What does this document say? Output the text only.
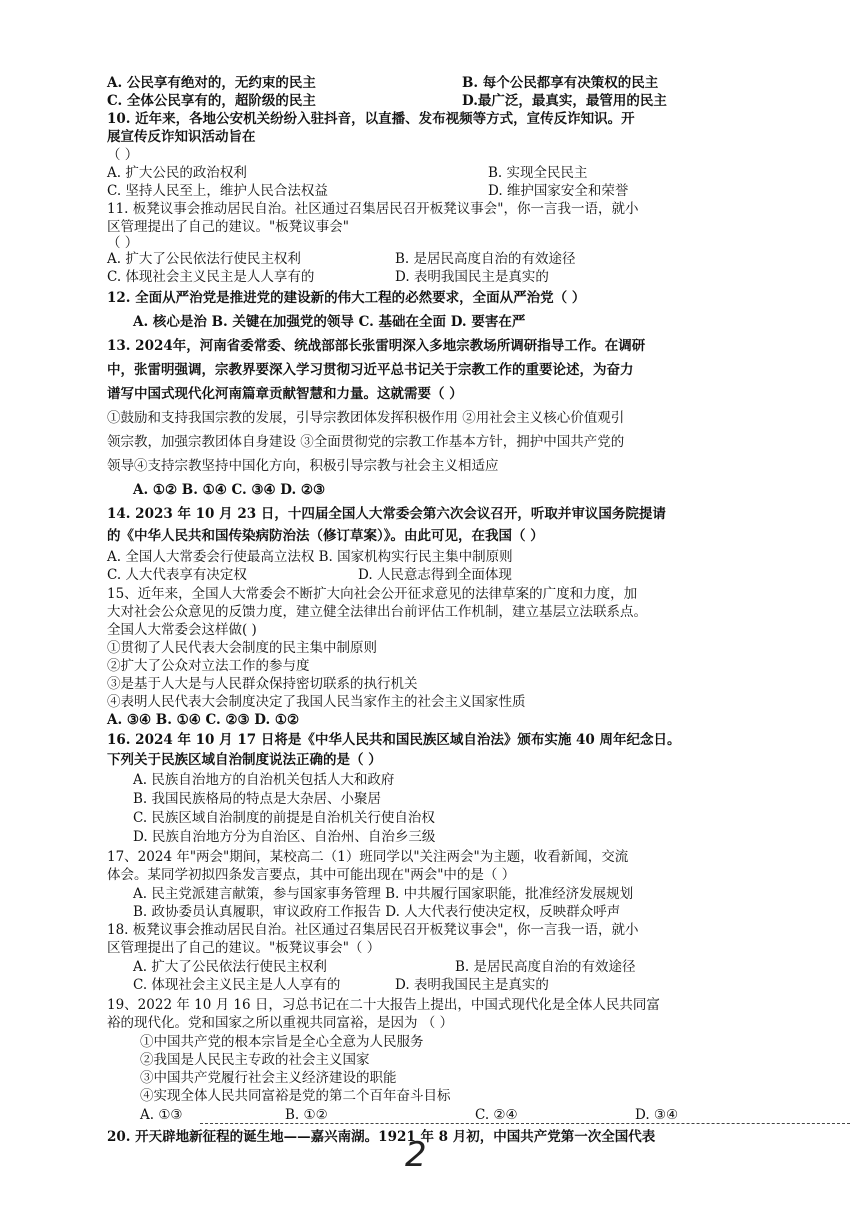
A. 公民享有绝对的，无约束的民主	B. 每个公民都享有决策权的民主
C. 全体公民享有的，超阶级的民主	D.最广泛，最真实，最管用的民主
10. 近年来，各地公安机关纷纷入驻抖音，以直播、发布视频等方式，宣传反诈知识。开
展宣传反诈知识活动旨在
（ ）
A. 扩大公民的政治权利	B. 实现全民民主
C. 坚持人民至上，维护人民合法权益	D. 维护国家安全和荣誉
11. 板凳议事会推动居民自治。社区通过召集居民召开板凳议事会"，你一言我一语，就小
区管理提出了自己的建议。"板凳议事会"
（ ）
A. 扩大了公民依法行使民主权利	B. 是居民高度自治的有效途径
C. 体现社会主义民主是人人享有的	D. 表明我国民主是真实的
12. 全面从严治党是推进党的建设新的伟大工程的必然要求，全面从严治党（ ）
A. 核心是治 B. 关键在加强党的领导 C. 基础在全面 D. 要害在严
13. 2024年，河南省委常委、统战部部长张雷明深入多地宗教场所调研指导工作。在调研
中，张雷明强调，宗教界要深入学习贯彻习近平总书记关于宗教工作的重要论述，为奋力
谱写中国式现代化河南篇章贡献智慧和力量。这就需要（ ）
①鼓励和支持我国宗教的发展，引导宗教团体发挥积极作用 ②用社会主义核心价值观引
领宗教，加强宗教团体自身建设 ③全面贯彻党的宗教工作基本方针，拥护中国共产党的
领导④支持宗教坚持中国化方向，积极引导宗教与社会主义相适应
A. ①② B. ①④ C. ③④ D. ②③
14. 2023 年 10 月 23 日，十四届全国人大常委会第六次会议召开，听取并审议国务院提请
的《中华人民共和国传染病防治法（修订草案）》。由此可见，在我国（ ）
A. 全国人大常委会行使最高立法权 B. 国家机构实行民主集中制原则
C. 人大代表享有决定权	D. 人民意志得到全面体现
15、近年来，全国人大常委会不断扩大向社会公开征求意见的法律草案的广度和力度，加
大对社会公众意见的反馈力度，建立健全法律出台前评估工作机制，建立基层立法联系点。
全国人大常委会这样做( )
①贯彻了人民代表大会制度的民主集中制原则
②扩大了公众对立法工作的参与度
③是基于人大是与人民群众保持密切联系的执行机关
④表明人民代表大会制度决定了我国人民当家作主的社会主义国家性质
A. ③④ B. ①④ C. ②③ D. ①②
16. 2024 年 10 月 17 日将是《中华人民共和国民族区域自治法》颁布实施 40 周年纪念日。
下列关于民族区域自治制度说法正确的是（ ）
A. 民族自治地方的自治机关包括人大和政府
B. 我国民族格局的特点是大杂居、小聚居
C. 民族区域自治制度的前提是自治机关行使自治权
D. 民族自治地方分为自治区、自治州、自治乡三级
17、2024 年"两会"期间，某校高二（1）班同学以"关注两会"为主题，收看新闻，交流
体会。某同学初拟四条发言要点，其中可能出现在"两会"中的是（ ）
A. 民主党派建言献策，参与国家事务管理 B. 中共履行国家职能，批准经济发展规划
B. 政协委员认真履职，审议政府工作报告 D. 人大代表行使决定权，反映群众呼声
18. 板凳议事会推动居民自治。社区通过召集居民召开板凳议事会"，你一言我一语，就小
区管理提出了自己的建议。"板凳议事会"（ ）
A. 扩大了公民依法行使民主权利	B. 是居民高度自治的有效途径
C. 体现社会主义民主是人人享有的	D. 表明我国民主是真实的
19、2022 年 10 月 16 日，习总书记在二十大报告上提出，中国式现代化是全体人民共同富
裕的现代化。党和国家之所以重视共同富裕，是因为 （ ）
①中国共产党的根本宗旨是全心全意为人民服务
②我国是人民民主专政的社会主义国家
③中国共产党履行社会主义经济建设的职能
④实现全体人民共同富裕是党的第二个百年奋斗目标
A. ①③	B. ①②	C. ②④	D. ③④
20. 开天辟地新征程的诞生地——嘉兴南湖。1921 年 8 月初，中国共产党第一次全国代表
2
